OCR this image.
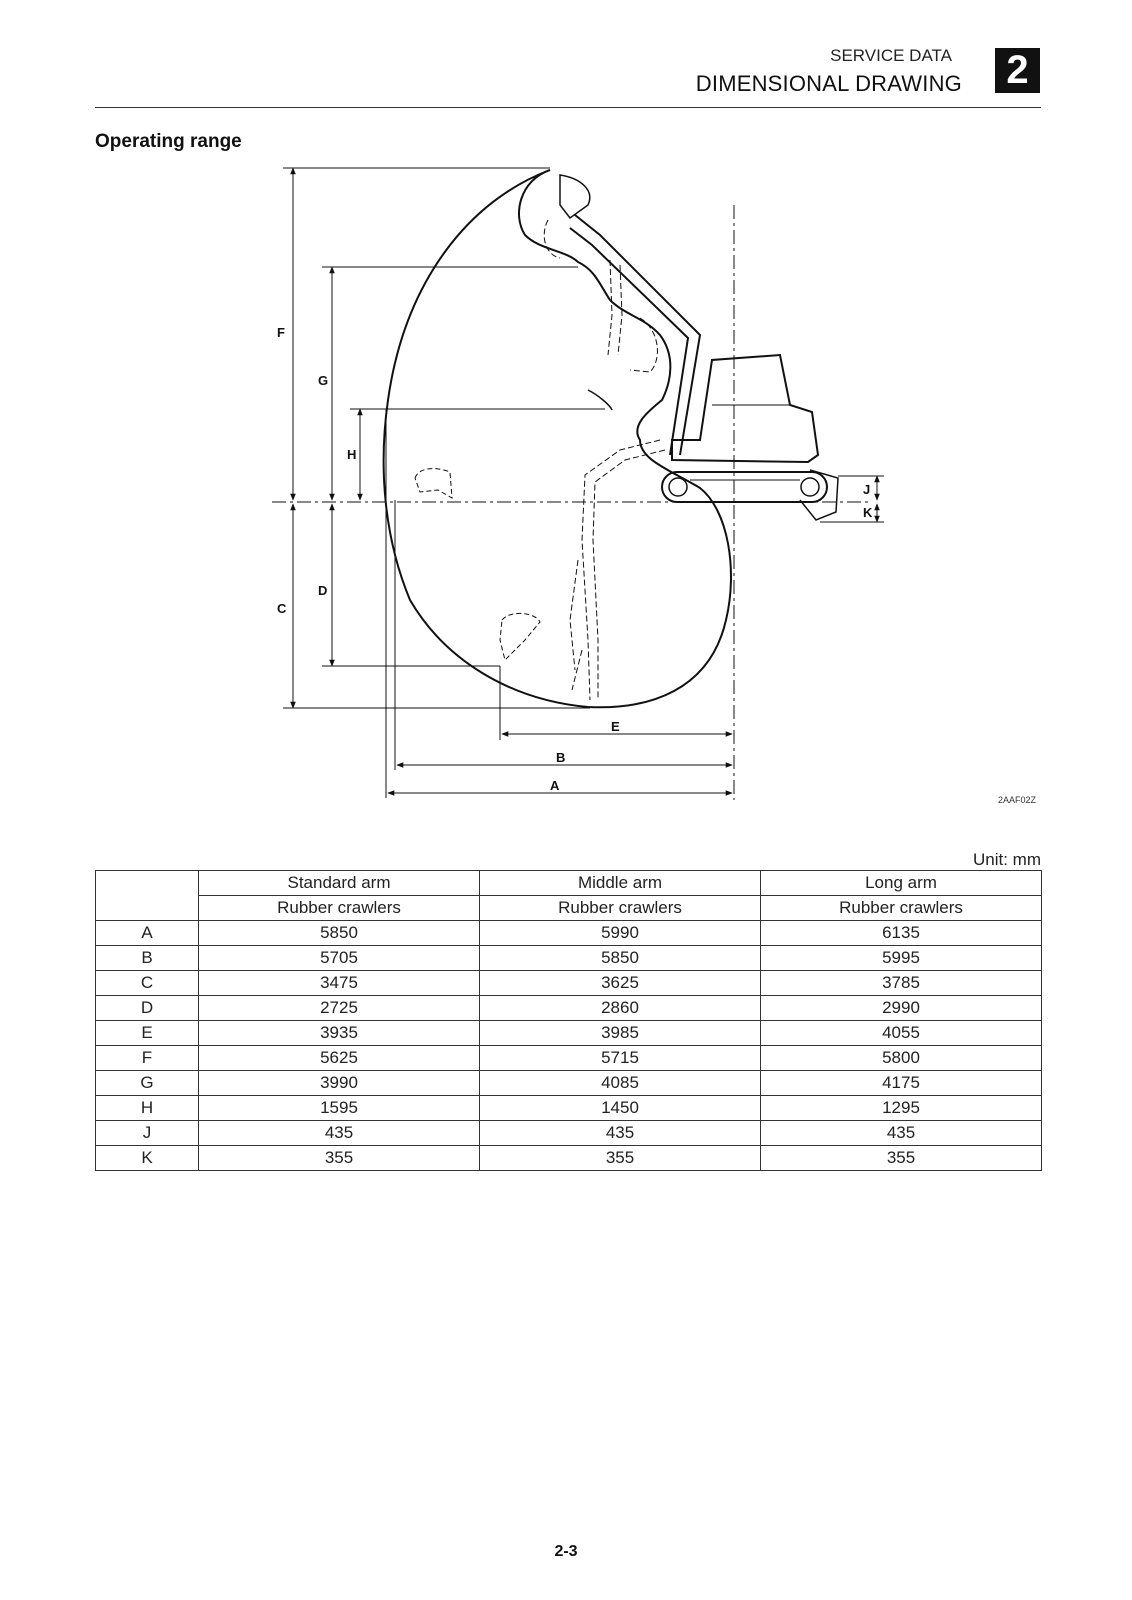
SERVICE DATA
DIMENSIONAL DRAWING 2
Operating range
F
G
H
D
C
J
K
E
B
A
2AAF02Z
Unit: mm
	Standard arm	Middle arm	Long arm
	Rubber crawlers	Rubber crawlers	Rubber crawlers
A	5850	5990	6135
B	5705	5850	5995
C	3475	3625	3785
D	2725	2860	2990
E	3935	3985	4055
F	5625	5715	5800
G	3990	4085	4175
H	1595	1450	1295
J	435	435	435
K	355	355	355
2-3
